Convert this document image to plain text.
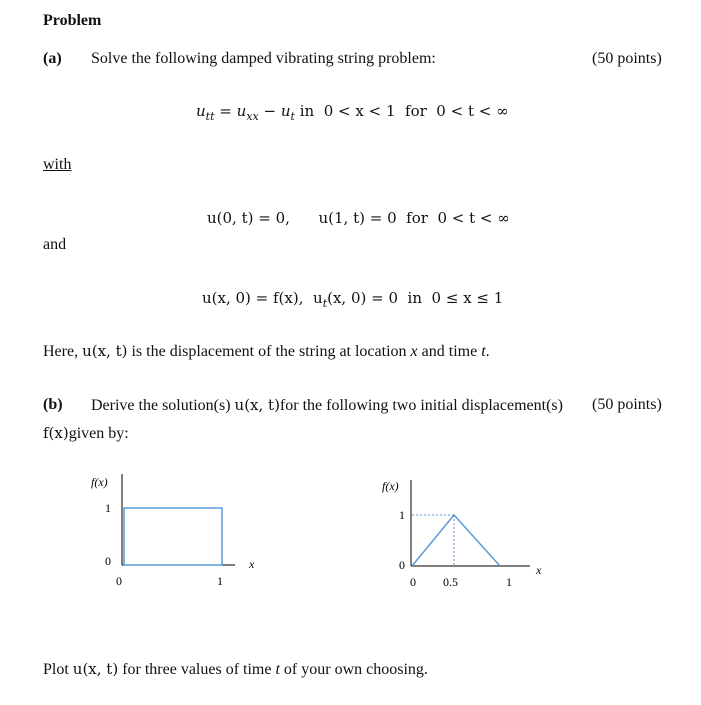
Problem
(a) Solve the following damped vibrating string problem:	(50 points)
$u_{tt} = u_{xx} - u_t$ in  0 < x < 1  for  0 < t < ∞
with
u(0, t) = 0,      u(1, t) = 0  for  0 < t < ∞
and
u(x, 0) = f(x),  $u_t(x$, 0) = 0  in  0 ≤ x ≤ 1
Here, u(x, t) is the displacement of the string at location x and time t.
(b) Derive the solution(s) u(x, t)for the following two initial displacement(s) (50 points)
f(x)given by:
f(x)
1
0
0	1
x
f(x)
1
0
0 0.5	1
x
Plot u(x, t) for three values of time t of your own choosing.
